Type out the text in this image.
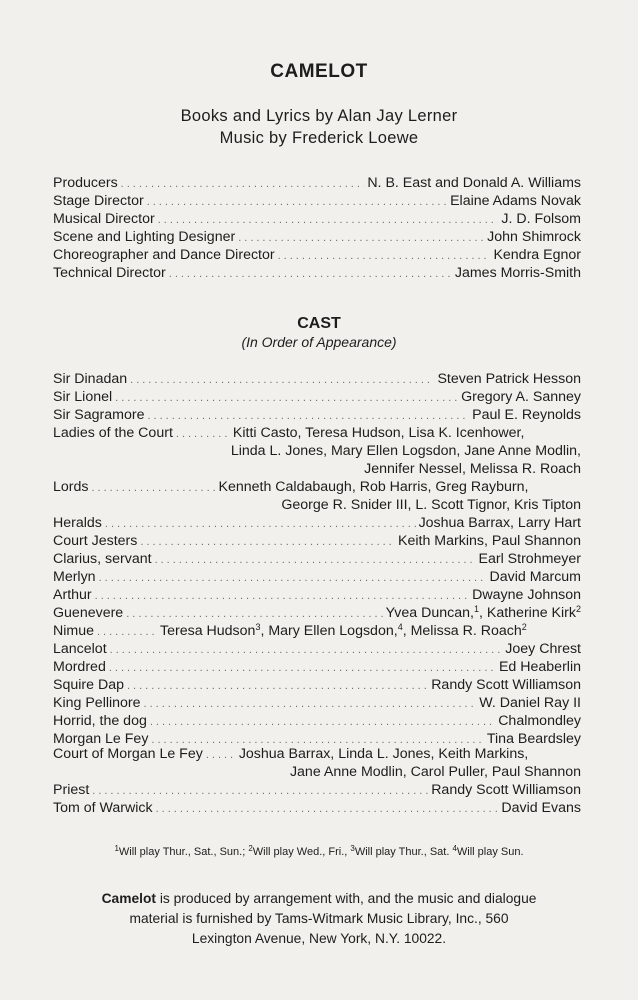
CAMELOT
Books and Lyrics by Alan Jay Lerner
Music by Frederick Loewe
Producers .....	N. B. East and Donald A. Williams
Stage Director .....	Elaine Adams Novak
Musical Director .....	J. D. Folsom
Scene and Lighting Designer .....	John Shimrock
Choreographer and Dance Director .....	Kendra Egnor
Technical Director .....	James Morris-Smith
CAST
(In Order of Appearance)
Sir Dinadan .....	Steven Patrick Hesson
Sir Lionel .....	Gregory A. Sanney
Sir Sagramore .....	Paul E. Reynolds
Ladies of the Court .....	Kitti Casto, Teresa Hudson, Lisa K. Icenhower,
Linda L. Jones, Mary Ellen Logsdon, Jane Anne Modlin,
Jennifer Nessel, Melissa R. Roach
Lords .....	Kenneth Caldabaugh, Rob Harris, Greg Rayburn,
George R. Snider III, L. Scott Tignor, Kris Tipton
Heralds .....	Joshua Barrax, Larry Hart
Court Jesters .....	Keith Markins, Paul Shannon
Clarius, servant .....	Earl Strohmeyer
Merlyn .....	David Marcum
Arthur .....	Dwayne Johnson
Guenevere .....	Yvea Duncan,$^1$, Katherine Kirk$^2$
Nimue .....	Teresa Hudson$^3$, Mary Ellen Logsdon,$^4$, Melissa R. Roach$^2$
Lancelot .....	Joey Chrest
Mordred .....	Ed Heaberlin
Squire Dap .....	Randy Scott Williamson
King Pellinore .....	W. Daniel Ray II
Horrid, the dog .....	Chalmondley
Morgan Le Fey .....	Tina Beardsley
Court of Morgan Le Fey .....	Joshua Barrax, Linda L. Jones, Keith Markins,
Jane Anne Modlin, Carol Puller, Paul Shannon
Priest .....	Randy Scott Williamson
Tom of Warwick .....	David Evans
$^1$Will play Thur., Sat., Sun.; $^2$Will play Wed., Fri., $^3$Will play Thur., Sat. $^4$Will play Sun.
Camelot is produced by arrangement with, and the music and dialogue
material is furnished by Tams-Witmark Music Library, Inc., 560
Lexington Avenue, New York, N.Y. 10022.
